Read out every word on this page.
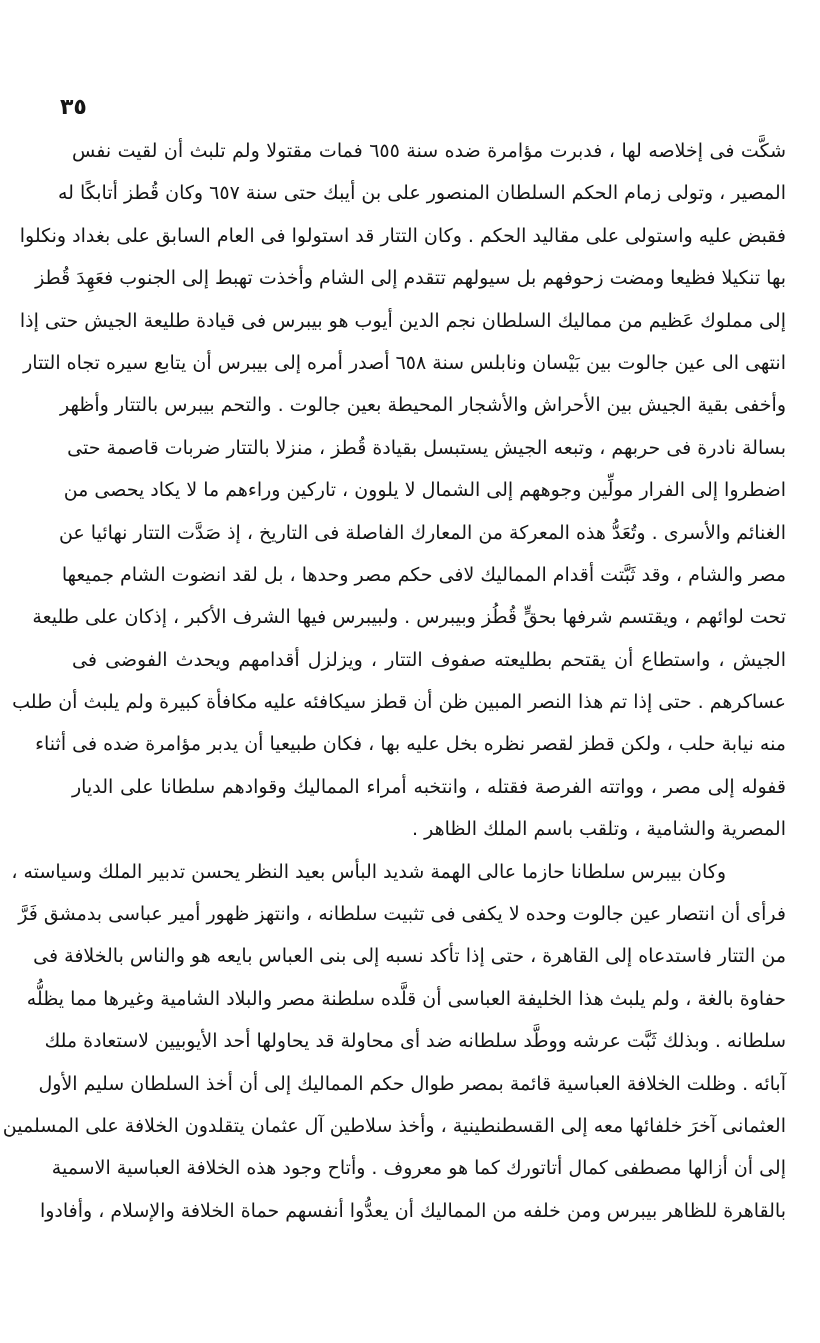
٣٥
شكَّت فى إخلاصه لها ، فدبرت مؤامرة ضده سنة ٦٥٥ فمات مقتولا ولم تلبث أن لقيت نفس
المصير ، وتولى زمام الحكم السلطان المنصور على بن أيبك حتى سنة ٦٥٧ وكان قُطز أتابكًا له
فقبض عليه واستولى على مقاليد الحكم . وكان التتار قد استولوا فى العام السابق على بغداد ونكلوا
بها تنكيلا فظيعا ومضت زحوفهم بل سيولهم تتقدم إلى الشام وأخذت تهبط إلى الجنوب فعَهِدَ قُطز
إلى مملوك عَظيم من مماليك السلطان نجم الدين أيوب هو بيبرس فى قيادة طليعة الجيش حتى إذا
انتهى الى عين جالوت بين بَيْسان ونابلس سنة ٦٥٨ أصدر أمره إلى بيبرس أن يتابع سيره تجاه التتار
وأخفى بقية الجيش بين الأحراش والأشجار المحيطة بعين جالوت . والتحم بيبرس بالتتار وأظهر
بسالة نادرة فى حربهم ، وتبعه الجيش يستبسل بقيادة قُطز ، منزلا بالتتار ضربات قاصمة حتى
اضطروا إلى الفرار مولِّين وجوههم إلى الشمال لا يلوون ، تاركين وراءهم ما لا يكاد يحصى من
الغنائم والأسرى . وتُعَدُّ هذه المعركة من المعارك الفاصلة فى التاريخ ، إذ صَدَّت التتار نهائيا عن
مصر والشام ، وقد ثَبَّتت أقدام المماليك لافى حكم مصر وحدها ، بل لقد انضوت الشام جميعها
تحت لوائهم ، ويقتسم شرفها بحقٍّ قُطُز وبيبرس . ولبيبرس فيها الشرف الأكبر ، إذكان على طليعة
الجيش ، واستطاع أن يقتحم بطليعته صفوف التتار ، ويزلزل أقدامهم ويحدث الفوضى فى
عساكرهم . حتى إذا تم هذا النصر المبين ظن أن قطز سيكافئه عليه مكافأة كبيرة ولم يلبث أن طلب
منه نيابة حلب ، ولكن قطز لقصر نظره بخل عليه بها ، فكان طبيعيا أن يدبر مؤامرة ضده فى أثناء
قفوله إلى مصر ، وواتته الفرصة فقتله ، وانتخبه أمراء المماليك وقوادهم سلطانا على الديار
المصرية والشامية ، وتلقب باسم الملك الظاهر .
وكان بيبرس سلطانا حازما عالى الهمة شديد البأس بعيد النظر يحسن تدبير الملك وسياسته ،
فرأى أن انتصار عين جالوت وحده لا يكفى فى تثبيت سلطانه ، وانتهز ظهور أمير عباسى بدمشق فَرَّ
من التتار فاستدعاه إلى القاهرة ، حتى إذا تأكد نسبه إلى بنى العباس بايعه هو والناس بالخلافة فى
حفاوة بالغة ، ولم يلبث هذا الخليفة العباسى أن قلَّده سلطنة مصر والبلاد الشامية وغيرها مما يظلُّه
سلطانه . وبذلك ثَبَّت عرشه ووطَّد سلطانه ضد أى محاولة قد يحاولها أحد الأيوبيين لاستعادة ملك
آبائه . وظلت الخلافة العباسية قائمة بمصر طوال حكم المماليك إلى أن أخذ السلطان سليم الأول
العثمانى آخرَ خلفائها معه إلى القسطنطينية ، وأخذ سلاطين آل عثمان يتقلدون الخلافة على المسلمين
إلى أن أزالها مصطفى كمال أتاتورك كما هو معروف . وأتاح وجود هذه الخلافة العباسية الاسمية
بالقاهرة للظاهر بيبرس ومن خلفه من المماليك أن يعدُّوا أنفسهم حماة الخلافة والإسلام ، وأفادوا
